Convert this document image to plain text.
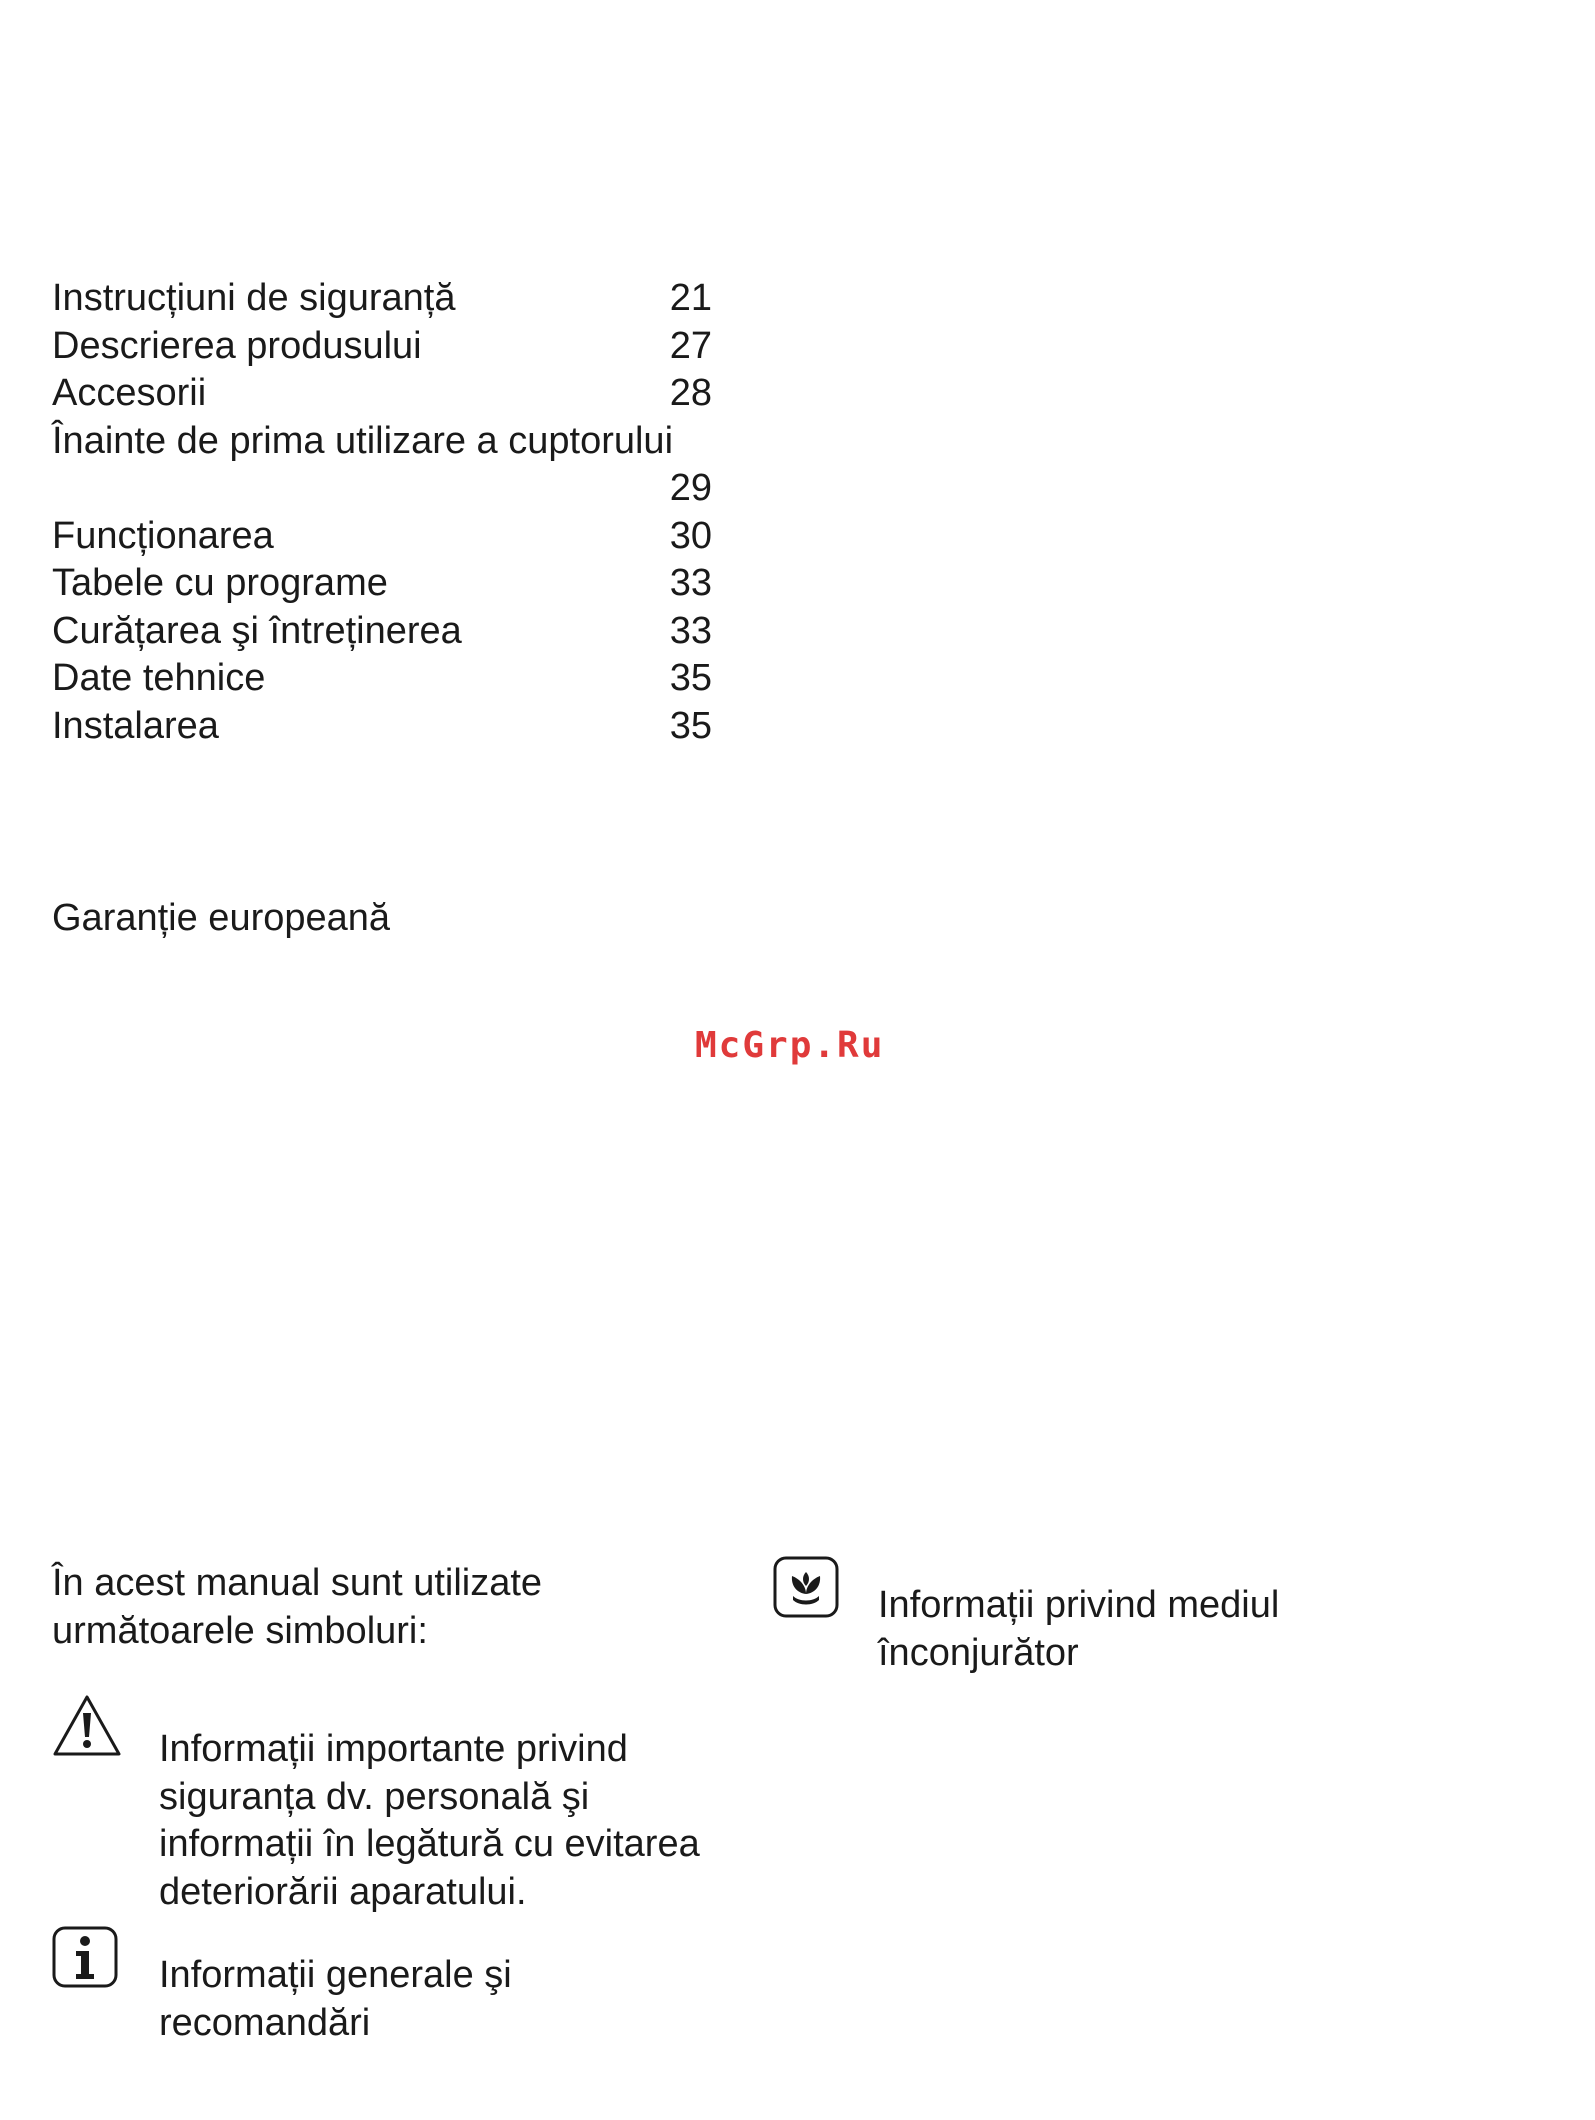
Instrucțiuni de siguranță	21
Descrierea produsului	27
Accesorii	28
Înainte de prima utilizare a cuptorului
29
Funcționarea	30
Tabele cu programe	33
Curățarea şi întreținerea	33
Date tehnice	35
Instalarea	35
Garanție europeană
McGrp.Ru
În acest manual sunt utilizate
următoarele simboluri:
Informații importante privind
siguranța dv. personală şi
informații în legătură cu evitarea
deteriorării aparatului.
Informații generale şi
recomandări
Informații privind mediul
înconjurător
